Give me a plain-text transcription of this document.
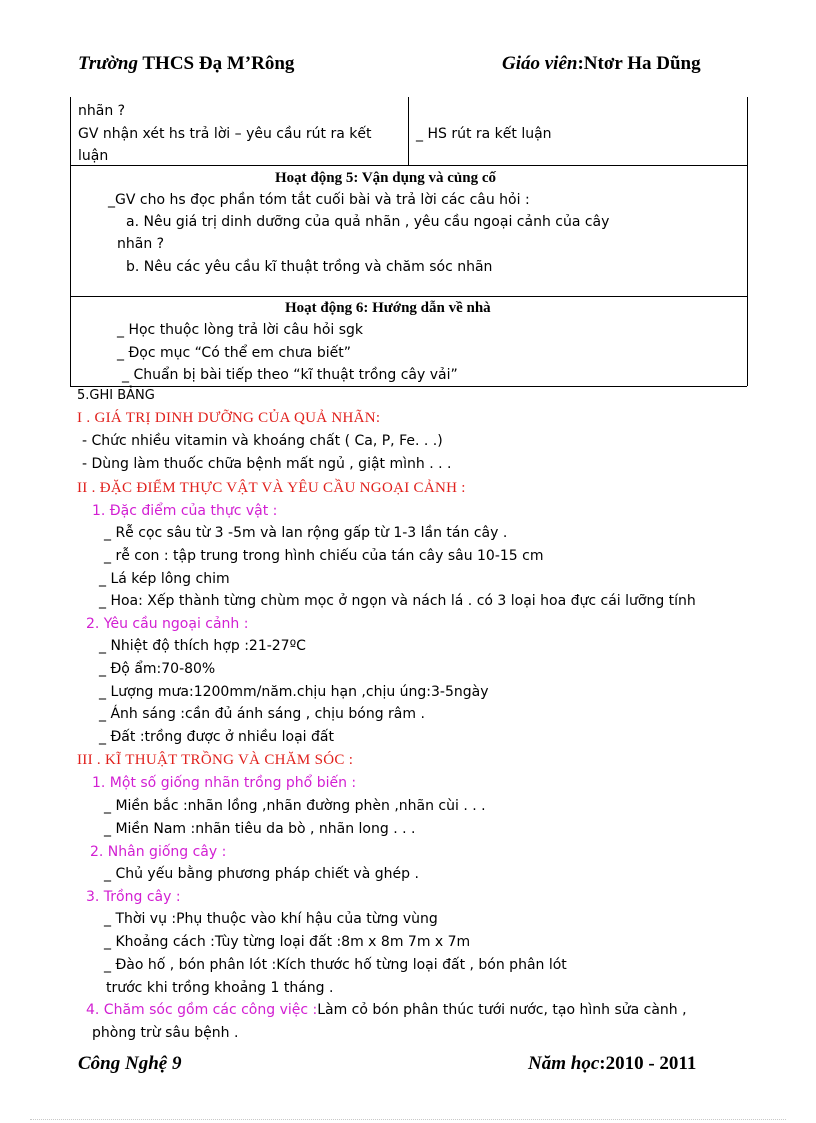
Trường THCS Đạ M’Rông	Giáo viên:Ntơr Ha Dũng
nhãn ?
GV nhận xét hs trả lời – yêu cầu rút ra kết
luận
_ HS rút ra kết luận
Hoạt động 5: Vận dụng và củng cố
_GV cho hs đọc phần tóm tắt cuối bài và trả lời các câu hỏi :
a. Nêu giá trị dinh dưỡng của quả nhãn , yêu cầu ngoại cảnh của cây
nhãn ?
b. Nêu các yêu cầu kĩ thuật trồng và chăm sóc nhãn
Hoạt động 6: Hướng dẫn về nhà
_ Học thuộc lòng trả lời câu hỏi sgk
_ Đọc mục “Có thể em chưa biết”
_ Chuẩn bị bài tiếp theo “kĩ thuật trồng cây vải”
5.GHI BẢNG
I . GIÁ TRỊ DINH DƯỠNG CỦA QUẢ NHÃN:
- Chức nhiều vitamin và khoáng chất ( Ca, P, Fe. . .)
- Dùng làm thuốc chữa bệnh mất ngủ , giật mình . . .
II . ĐẶC ĐIỂM THỰC VẬT VÀ YÊU CẦU NGOẠI CẢNH :
1. Đặc điểm của thực vật :
_ Rễ cọc sâu từ 3 -5m và lan rộng gấp từ 1-3 lần tán cây .
_ rễ con : tập trung trong hình chiếu của tán cây sâu 10-15 cm
_ Lá kép lông chim
_ Hoa: Xếp thành từng chùm mọc ở ngọn và nách lá . có 3 loại hoa đực cái lưỡng tính
2. Yêu cầu ngoại cảnh :
_ Nhiệt độ thích hợp :21-27ºC
_ Độ ẩm:70-80%
_ Lượng mưa:1200mm/năm.chịu hạn ,chịu úng:3-5ngày
_ Ánh sáng :cần đủ ánh sáng , chịu bóng râm .
_ Đất :trồng được ở nhiều loại đất
III . KĨ THUẬT TRỒNG VÀ CHĂM SÓC :
1. Một số giống nhãn trồng phổ biến :
_ Miền bắc :nhãn lồng ,nhãn đường phèn ,nhãn cùi . . .
_ Miền Nam :nhãn tiêu da bò , nhãn long . . .
2. Nhân giống cây :
_ Chủ yếu bằng phương pháp chiết và ghép .
3. Trồng cây :
_ Thời vụ :Phụ thuộc vào khí hậu của từng vùng
_ Khoảng cách :Tùy từng loại đất :8m x 8m 7m x 7m
_ Đào hố , bón phân lót :Kích thước hố từng loại đất , bón phân lót
trước khi trồng khoảng 1 tháng .
4. Chăm sóc gồm các công việc :Làm cỏ bón phân thúc tưới nước, tạo hình sửa cành ,
phòng trừ sâu bệnh .
Công Nghệ 9	Năm học:2010 - 2011
